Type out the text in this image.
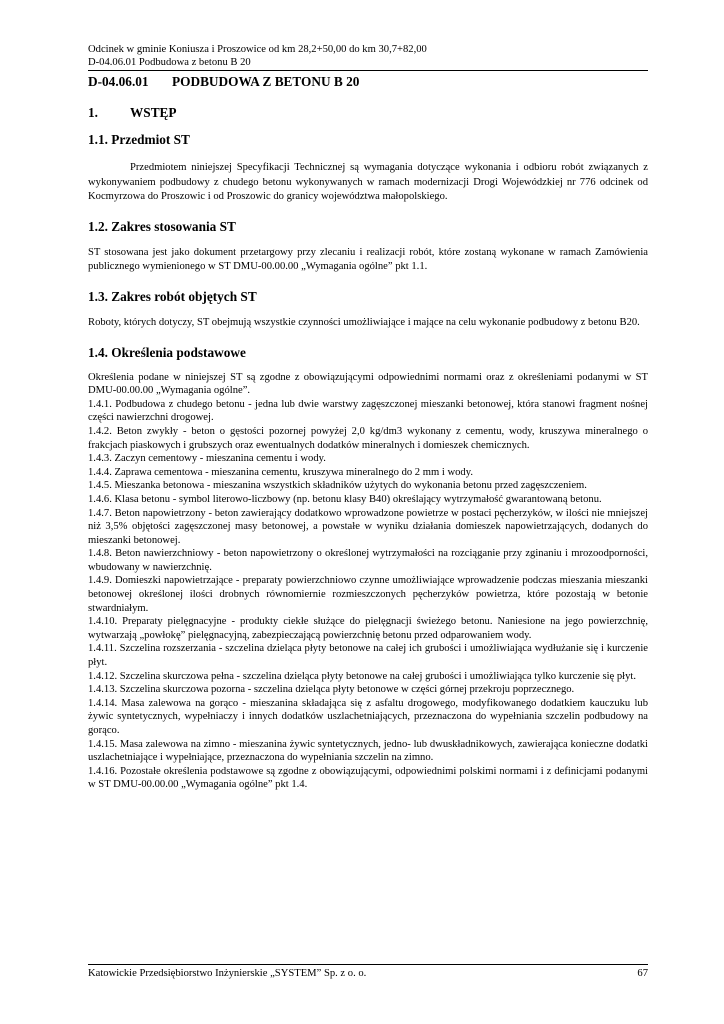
Odcinek w gminie Koniusza i Proszowice od km 28,2+50,00 do km 30,7+82,00
D-04.06.01 Podbudowa z betonu B 20
D-04.06.01 PODBUDOWA Z BETONU B 20
1. WSTĘP
1.1. Przedmiot ST

Przedmiotem niniejszej Specyfikacji Technicznej są wymagania dotyczące wykonania i odbioru robót związanych z wykonywaniem podbudowy z chudego betonu wykonywanych w ramach modernizacji Drogi Wojewódzkiej nr 776 odcinek od Kocmyrzowa do Proszowic i od Proszowic do granicy województwa małopolskiego.

1.2. Zakres stosowania ST

ST stosowana jest jako dokument przetargowy przy zlecaniu i realizacji robót, które zostaną wykonane w ramach Zamówienia publicznego wymienionego w ST DMU-00.00.00 „Wymagania ogólne” pkt 1.1.

1.3. Zakres robót objętych ST

Roboty, których dotyczy, ST obejmują wszystkie czynności umożliwiające i mające na celu wykonanie podbudowy z betonu B20.

1.4. Określenia podstawowe

Określenia podane w niniejszej ST są zgodne z obowiązującymi odpowiednimi normami oraz z określeniami podanymi w ST DMU-00.00.00 „Wymagania ogólne”.

1.4.1. Podbudowa z chudego betonu - jedna lub dwie warstwy zagęszczonej mieszanki betonowej, która stanowi fragment nośnej części nawierzchni drogowej.

1.4.2. Beton zwykły - beton o gęstości pozornej powyżej 2,0 kg/dm3 wykonany z cementu, wody, kruszywa mineralnego o frakcjach piaskowych i grubszych oraz ewentualnych dodatków mineralnych i domieszek chemicznych.

1.4.3. Zaczyn cementowy - mieszanina cementu i wody.

1.4.4. Zaprawa cementowa - mieszanina cementu, kruszywa mineralnego do 2 mm i wody.

1.4.5. Mieszanka betonowa - mieszanina wszystkich składników użytych do wykonania betonu przed zagęszczeniem.

1.4.6. Klasa betonu - symbol literowo-liczbowy (np. betonu klasy B40) określający wytrzymałość gwarantowaną betonu.

1.4.7. Beton napowietrzony - beton zawierający dodatkowo wprowadzone powietrze w postaci pęcherzyków, w ilości nie mniejszej niż 3,5% objętości zagęszczonej masy betonowej, a powstałe w wyniku działania domieszek napowietrzających, dodanych do mieszanki betonowej.

1.4.8. Beton nawierzchniowy - beton napowietrzony o określonej wytrzymałości na rozciąganie przy zginaniu i mrozoodporności, wbudowany w nawierzchnię.

1.4.9. Domieszki napowietrzające - preparaty powierzchniowo czynne umożliwiające wprowadzenie podczas mieszania mieszanki betonowej określonej ilości drobnych równomiernie rozmieszczonych pęcherzyków powietrza, które pozostają w betonie stwardniałym.

1.4.10. Preparaty pielęgnacyjne - produkty ciekłe służące do pielęgnacji świeżego betonu. Naniesione na jego powierzchnię, wytwarzają „powłokę” pielęgnacyjną, zabezpieczającą powierzchnię betonu przed odparowaniem wody.

1.4.11. Szczelina rozszerzania - szczelina dzieląca płyty betonowe na całej ich grubości i umożliwiająca wydłużanie się i kurczenie płyt.

1.4.12. Szczelina skurczowa pełna - szczelina dzieląca płyty betonowe na całej grubości i umożliwiająca tylko kurczenie się płyt.

1.4.13. Szczelina skurczowa pozorna - szczelina dzieląca płyty betonowe w części górnej przekroju poprzecznego.

1.4.14. Masa zalewowa na gorąco - mieszanina składająca się z asfaltu drogowego, modyfikowanego dodatkiem kauczuku lub żywic syntetycznych, wypełniaczy i innych dodatków uszlachetniających, przeznaczona do wypełniania szczelin podbudowy na gorąco.

1.4.15. Masa zalewowa na zimno - mieszanina żywic syntetycznych, jedno- lub dwuskładnikowych, zawierająca konieczne dodatki uszlachetniające i wypełniające, przeznaczona do wypełniania szczelin na zimno.

1.4.16. Pozostałe określenia podstawowe są zgodne z obowiązującymi, odpowiednimi polskimi normami i z definicjami podanymi w ST DMU-00.00.00 „Wymagania ogólne” pkt 1.4.

Katowickie Przedsiębiorstwo Inżynierskie „SYSTEM” Sp. z o. o.	67
